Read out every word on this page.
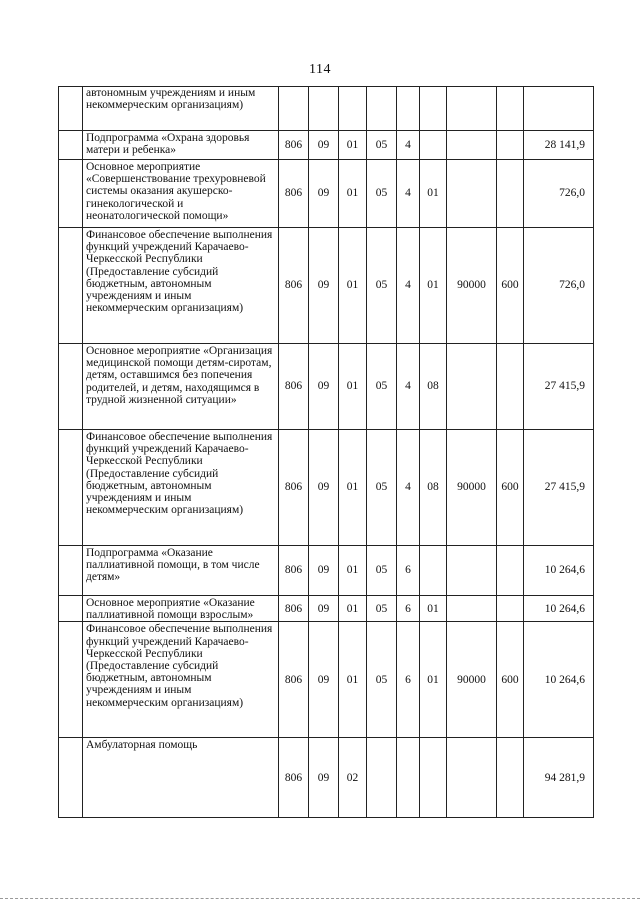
114
	автономным учреждениям и иным некоммерческим организациям)									
	Подпрограмма «Охрана здоровья матери и ребенка»	806	09	01	05	4				28 141,9
	Основное мероприятие «Совершенствование трехуровневой системы оказания акушерско-гинекологической и неонатологической помощи»	806	09	01	05	4	01			726,0
	Финансовое обеспечение выполнения функций учреждений Карачаево-Черкесской Республики (Предоставление субсидий бюджетным, автономным учреждениям и иным некоммерческим организациям)	806	09	01	05	4	01	90000	600	726,0
	Основное мероприятие «Организация медицинской помощи детям-сиротам, детям, оставшимся без попечения родителей, и детям, находящимся в трудной жизненной ситуации»	806	09	01	05	4	08			27 415,9
	Финансовое обеспечение выполнения функций учреждений Карачаево-Черкесской Республики (Предоставление субсидий бюджетным, автономным учреждениям и иным некоммерческим организациям)	806	09	01	05	4	08	90000	600	27 415,9
	Подпрограмма «Оказание паллиативной помощи, в том числе детям»	806	09	01	05	6				10 264,6
	Основное мероприятие «Оказание паллиативной помощи взрослым»	806	09	01	05	6	01			10 264,6
	Финансовое обеспечение выполнения функций учреждений Карачаево-Черкесской Республики (Предоставление субсидий бюджетным, автономным учреждениям и иным некоммерческим организациям)	806	09	01	05	6	01	90000	600	10 264,6
	Амбулаторная помощь	806	09	02						94 281,9
